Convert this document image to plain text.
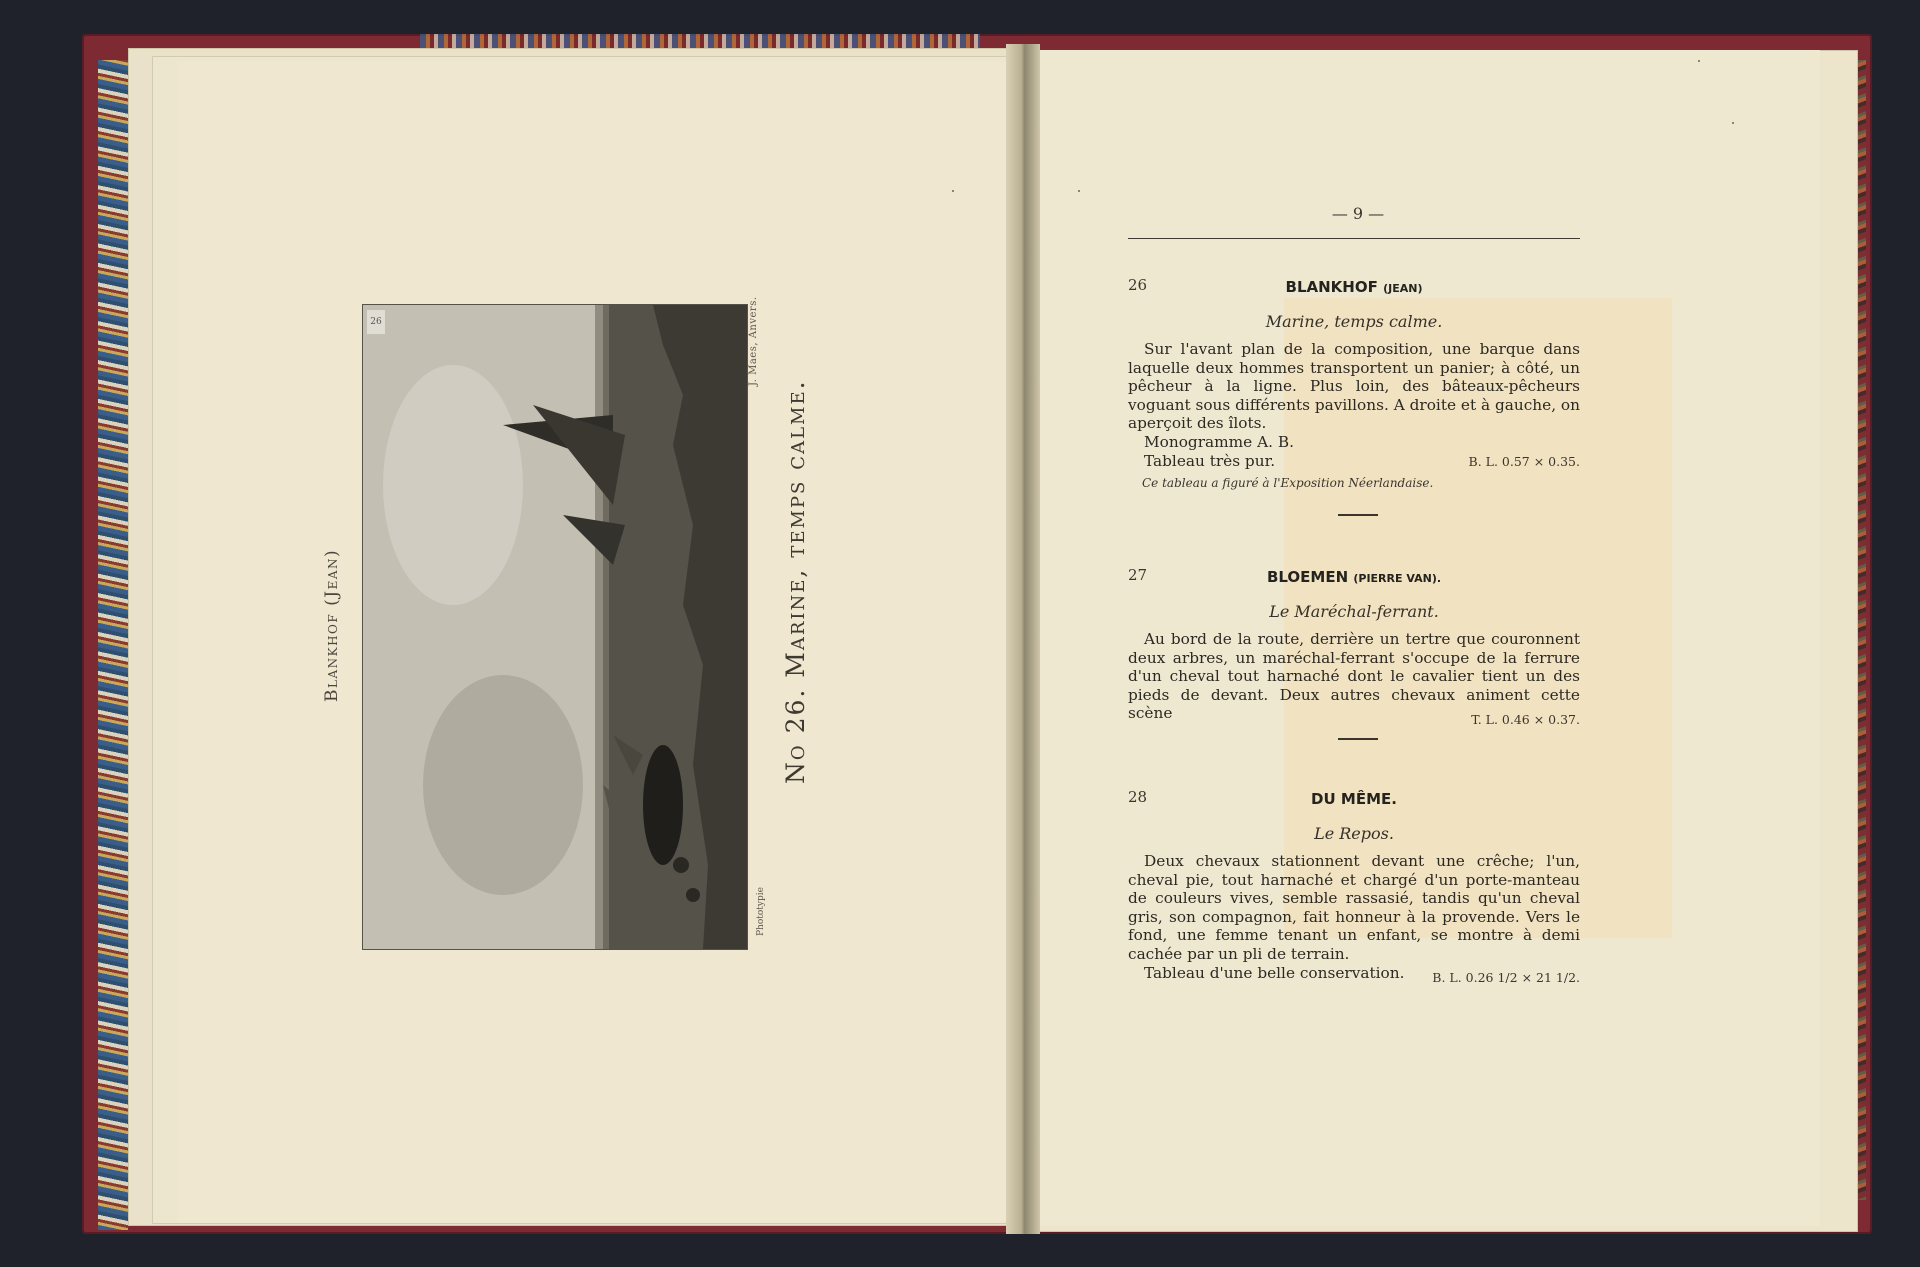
26
Blankhof (Jean)	No 26. Marine, temps calme.
J. Maes, Anvers.
Phototypie
— 9 —
26	BLANKHOF (JEAN)
Marine, temps calme.

Sur l'avant plan de la composition, une barque dans laquelle deux hommes transportent un panier; à côté, un pêcheur à la ligne. Plus loin, des bâteaux-pêcheurs voguant sous différents pavillons. A droite et à gauche, on aperçoit des îlots.

Monogramme A. B.

Tableau très pur.	B. L. 0.57 × 0.35.
Ce tableau a figuré à l'Exposition Néerlandaise.
27	BLOEMEN (PIERRE VAN).
Le Maréchal-ferrant.

Au bord de la route, derrière un tertre que couronnent deux arbres, un maréchal-ferrant s'occupe de la ferrure d'un cheval tout harnaché dont le cavalier tient un des pieds de devant. Deux autres chevaux animent cette scène	T. L. 0.46 × 0.37.
28	DU MÊME.
Le Repos.

Deux chevaux stationnent devant une crêche; l'un, cheval pie, tout harnaché et chargé d'un porte-manteau de couleurs vives, semble rassasié, tandis qu'un cheval gris, son compagnon, fait honneur à la provende. Vers le fond, une femme tenant un enfant, se montre à demi cachée par un pli de terrain.

Tableau d'une belle conservation.	B. L. 0.26 1/2 × 21 1/2.
